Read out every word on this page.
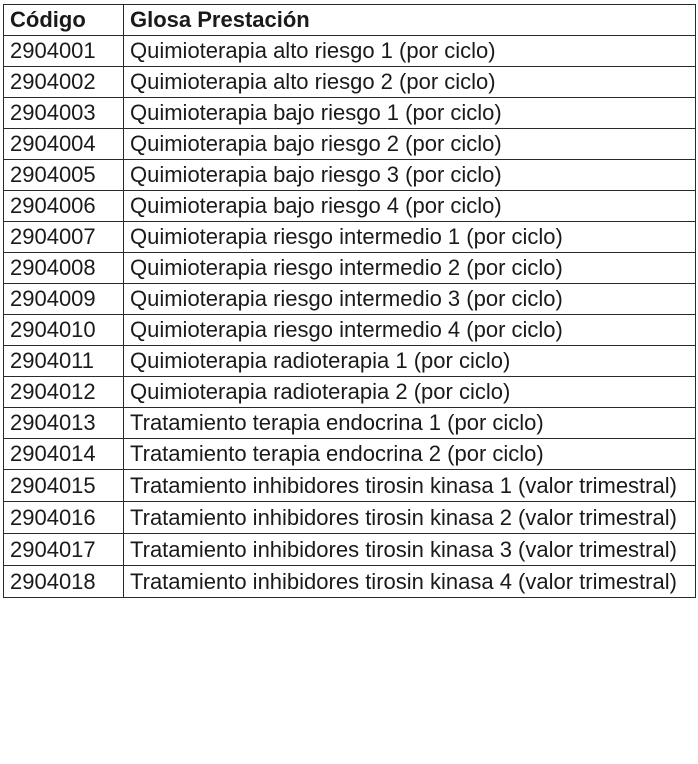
Código	Glosa Prestación
2904001	Quimioterapia alto riesgo 1 (por ciclo)
2904002	Quimioterapia alto riesgo 2 (por ciclo)
2904003	Quimioterapia bajo riesgo 1 (por ciclo)
2904004	Quimioterapia bajo riesgo 2 (por ciclo)
2904005	Quimioterapia bajo riesgo 3 (por ciclo)
2904006	Quimioterapia bajo riesgo 4 (por ciclo)
2904007	Quimioterapia riesgo intermedio 1 (por ciclo)
2904008	Quimioterapia riesgo intermedio 2 (por ciclo)
2904009	Quimioterapia riesgo intermedio 3 (por ciclo)
2904010	Quimioterapia riesgo intermedio 4 (por ciclo)
2904011	Quimioterapia radioterapia 1 (por ciclo)
2904012	Quimioterapia radioterapia 2 (por ciclo)
2904013	Tratamiento terapia endocrina 1 (por ciclo)
2904014	Tratamiento terapia endocrina 2 (por ciclo)
2904015	Tratamiento inhibidores tirosin kinasa 1 (valor trimestral)
2904016	Tratamiento inhibidores tirosin kinasa 2 (valor trimestral)
2904017	Tratamiento inhibidores tirosin kinasa 3 (valor trimestral)
2904018	Tratamiento inhibidores tirosin kinasa 4 (valor trimestral)
